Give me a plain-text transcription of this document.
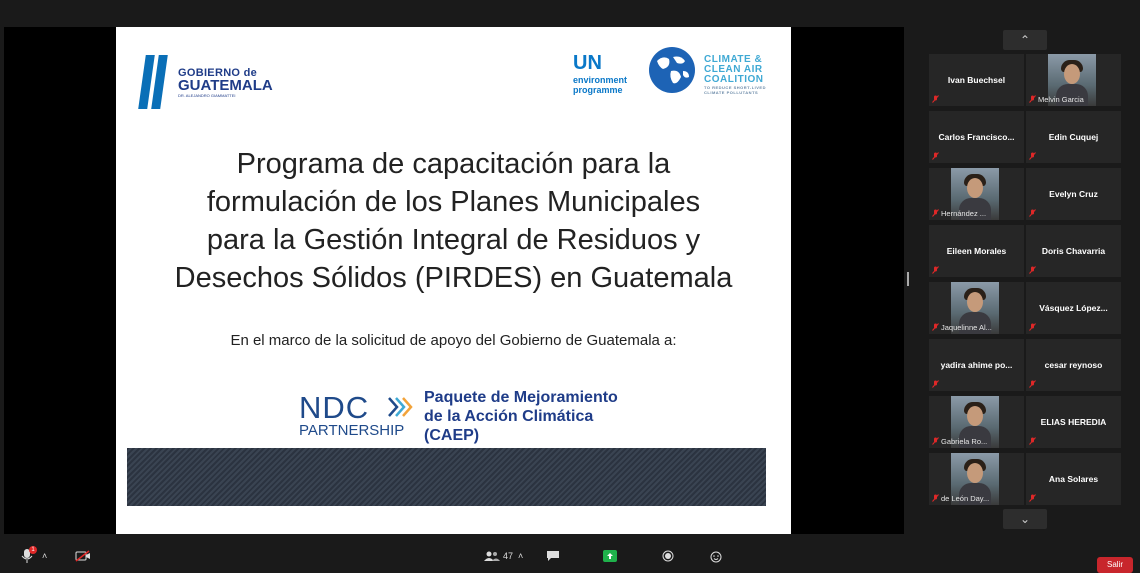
GOBIERNO de
GUATEMALA
DR. ALEJANDRO GIAMMATTEI
UN
environment
programme
CLIMATE &
CLEAN AIR
COALITION
TO REDUCE SHORT-LIVED
CLIMATE POLLUTANTS
Programa de capacitación para la
formulación de los Planes Municipales
para la Gestión Integral de Residuos y
Desechos Sólidos (PIRDES) en Guatemala
En el marco de la solicitud de apoyo del Gobierno de Guatemala a:
NDC
PARTNERSHIP
Paquete de Mejoramiento
de la Acción Climática
(CAEP)
⌃
Ivan Buechsel
Melvin Garcia
Carlos Francisco...	Edin Cuquej
Hernández ...
Evelyn Cruz
Eileen Morales	Doris Chavarria
Jaquelinne Al...
Vásquez López...
yadira ahime po...	cesar reynoso
Gabriela Ro...
ELIAS HEREDIA
de León Day...
Ana Solares
⌄
1
˄	47 ˄
Salir
